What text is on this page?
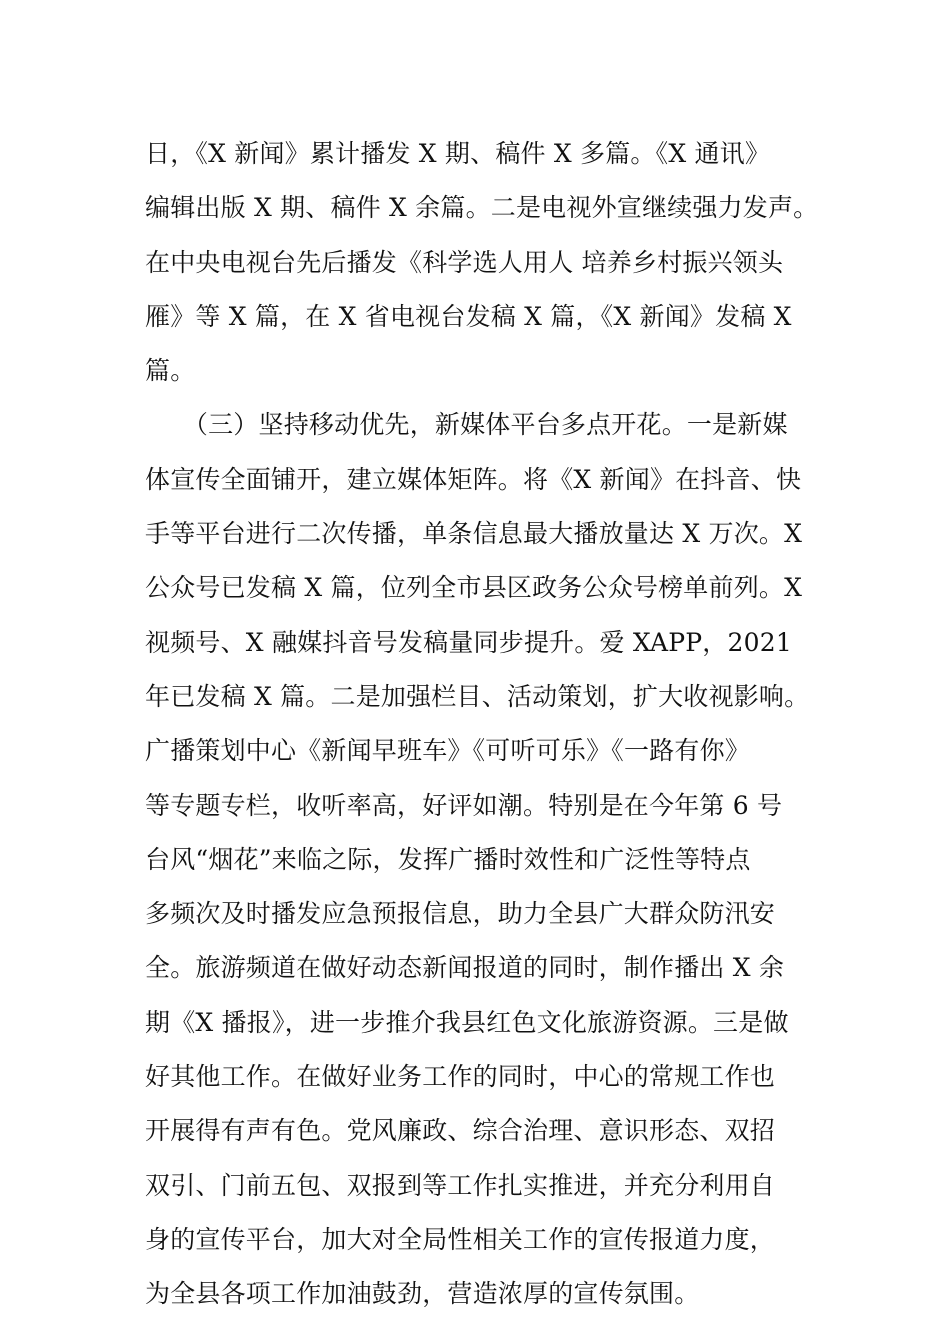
日，《X 新闻》累计播发 X 期、稿件 X 多篇。《X 通讯》
编辑出版 X 期、稿件 X 余篇。二是电视外宣继续强力发声。
在中央电视台先后播发《科学选人用人 培养乡村振兴领头
雁》等 X 篇，在 X 省电视台发稿 X 篇，《X 新闻》发稿 X
篇。
　　（三）坚持移动优先，新媒体平台多点开花。一是新媒
体宣传全面铺开，建立媒体矩阵。将《X 新闻》在抖音、快
手等平台进行二次传播，单条信息最大播放量达 X 万次。X
公众号已发稿 X 篇，位列全市县区政务公众号榜单前列。X
视频号、X 融媒抖音号发稿量同步提升。爱 XAPP，2021
年已发稿 X 篇。二是加强栏目、活动策划，扩大收视影响。
广播策划中心《新闻早班车》《可听可乐》《一路有你》
等专题专栏，收听率高，好评如潮。特别是在今年第 6 号
台风“烟花”来临之际，发挥广播时效性和广泛性等特点
多频次及时播发应急预报信息，助力全县广大群众防汛安
全。旅游频道在做好动态新闻报道的同时，制作播出 X 余
期《X 播报》，进一步推介我县红色文化旅游资源。三是做
好其他工作。在做好业务工作的同时，中心的常规工作也
开展得有声有色。党风廉政、综合治理、意识形态、双招
双引、门前五包、双报到等工作扎实推进，并充分利用自
身的宣传平台，加大对全局性相关工作的宣传报道力度，
为全县各项工作加油鼓劲，营造浓厚的宣传氛围。
